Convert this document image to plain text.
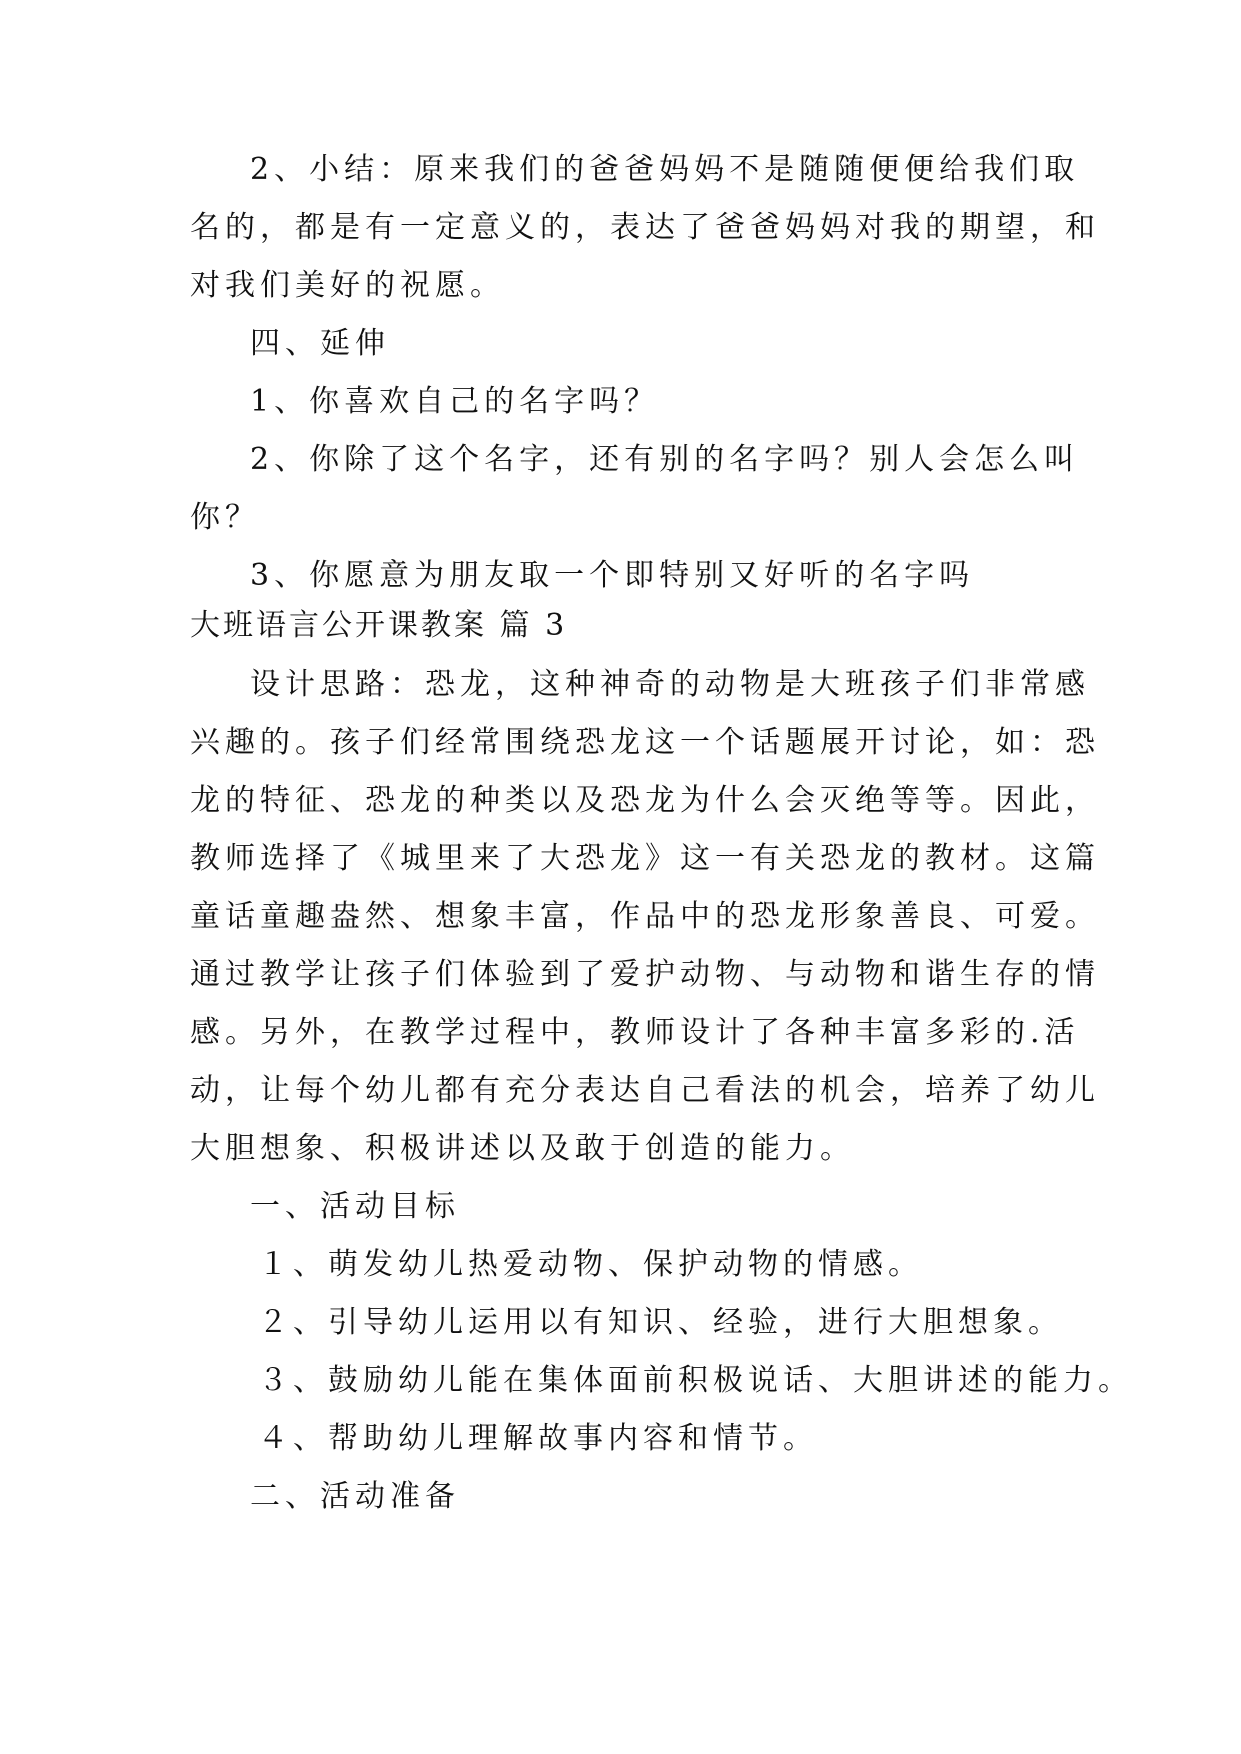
2、小结：原来我们的爸爸妈妈不是随随便便给我们取

名的，都是有一定意义的，表达了爸爸妈妈对我的期望，和

对我们美好的祝愿。

四、延伸

1、你喜欢自己的名字吗？

2、你除了这个名字，还有别的名字吗？别人会怎么叫

你？

3、你愿意为朋友取一个即特别又好听的名字吗

大班语言公开课教案 篇 3

设计思路：恐龙，这种神奇的动物是大班孩子们非常感

兴趣的。孩子们经常围绕恐龙这一个话题展开讨论，如：恐

龙的特征、恐龙的种类以及恐龙为什么会灭绝等等。因此，

教师选择了《城里来了大恐龙》这一有关恐龙的教材。这篇

童话童趣盎然、想象丰富，作品中的恐龙形象善良、可爱。

通过教学让孩子们体验到了爱护动物、与动物和谐生存的情

感。另外，在教学过程中，教师设计了各种丰富多彩的.活

动，让每个幼儿都有充分表达自己看法的机会，培养了幼儿

大胆想象、积极讲述以及敢于创造的能力。

一、活动目标

１、萌发幼儿热爱动物、保护动物的情感。

２、引导幼儿运用以有知识、经验，进行大胆想象。

３、鼓励幼儿能在集体面前积极说话、大胆讲述的能力。

４、帮助幼儿理解故事内容和情节。

二、活动准备
